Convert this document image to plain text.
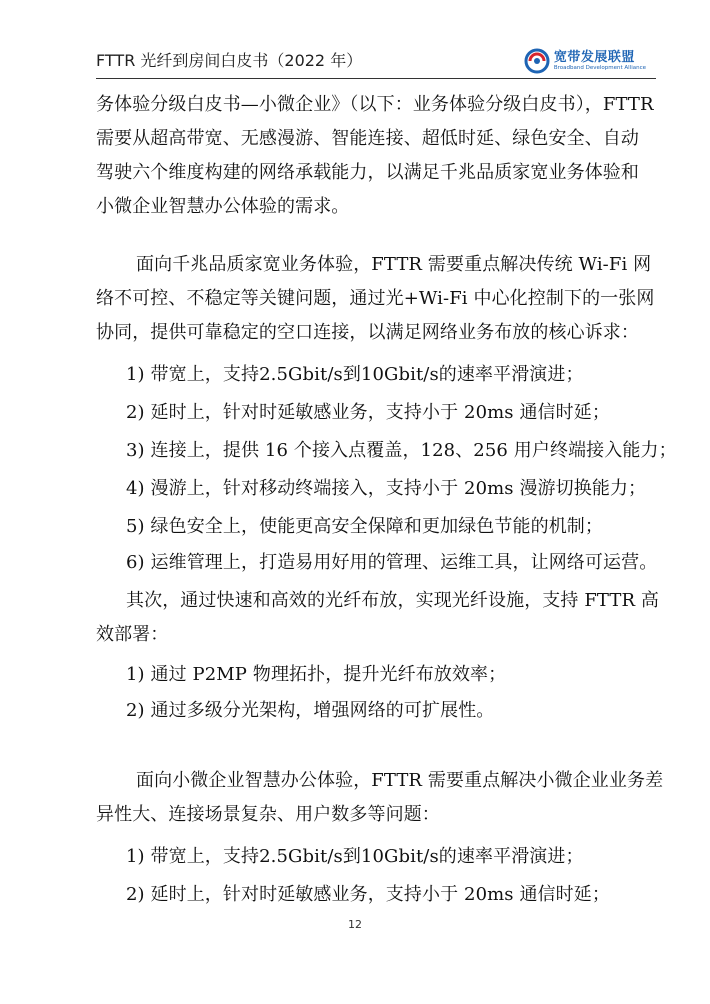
FTTR 光纤到房间白皮书（2022 年）	宽带发展联盟
Broadband Development Alliance
务体验分级白皮书—小微企业》（以下：业务体验分级白皮书），FTTR
需要从超高带宽、无感漫游、智能连接、超低时延、绿色安全、自动
驾驶六个维度构建的网络承载能力，以满足千兆品质家宽业务体验和
小微企业智慧办公体验的需求。
面向千兆品质家宽业务体验，FTTR 需要重点解决传统 Wi-Fi 网
络不可控、不稳定等关键问题，通过光+Wi-Fi 中心化控制下的一张网
协同，提供可靠稳定的空口连接，以满足网络业务布放的核心诉求：
1) 带宽上，支持2.5Gbit/s到10Gbit/s的速率平滑演进；
2) 延时上，针对时延敏感业务，支持小于 20ms 通信时延；
3) 连接上，提供 16 个接入点覆盖，128、256 用户终端接入能力；
4) 漫游上，针对移动终端接入，支持小于 20ms 漫游切换能力；
5) 绿色安全上，使能更高安全保障和更加绿色节能的机制；
6) 运维管理上，打造易用好用的管理、运维工具，让网络可运营。
其次，通过快速和高效的光纤布放，实现光纤设施，支持 FTTR 高
效部署：
1) 通过 P2MP 物理拓扑，提升光纤布放效率；
2) 通过多级分光架构，增强网络的可扩展性。
面向小微企业智慧办公体验，FTTR 需要重点解决小微企业业务差
异性大、连接场景复杂、用户数多等问题：
1) 带宽上，支持2.5Gbit/s到10Gbit/s的速率平滑演进；
2) 延时上，针对时延敏感业务，支持小于 20ms 通信时延；
12
